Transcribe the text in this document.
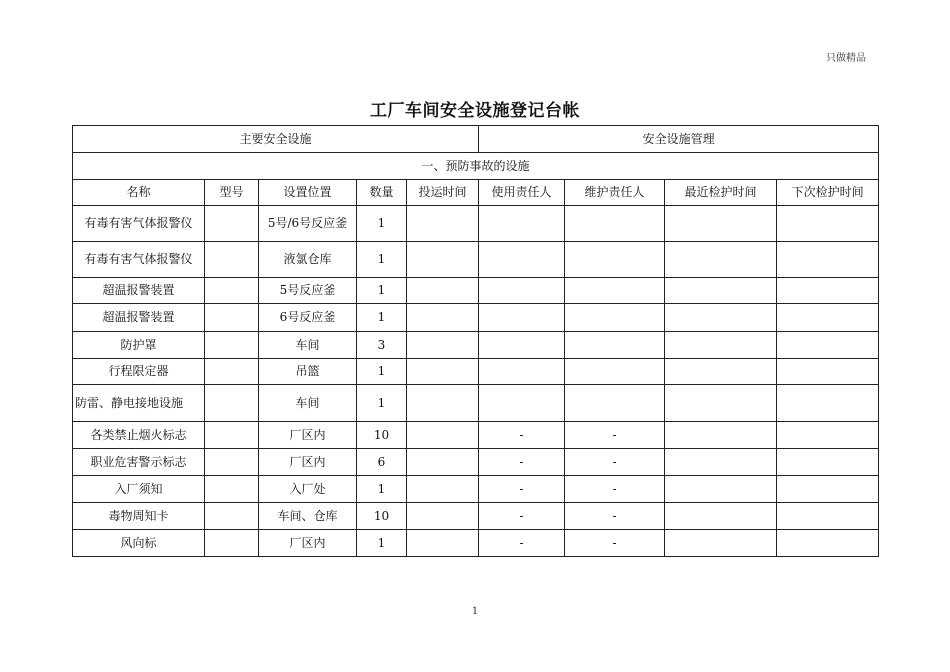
只做精品
工厂车间安全设施登记台帐
主要安全设施					安全设施管理			
一、预防事故的设施								
名称	型号	设置位置	数量	投运时间	使用责任人	维护责任人	最近检护时间	下次检护时间
有毒有害气体报警仪		5号/6号反应釜	1					
有毒有害气体报警仪		液氯仓库	1					
超温报警装置		5号反应釜	1					
超温报警装置		6号反应釜	1					
防护罩		车间	3					
行程限定器		吊篮	1					
防雷、静电接地设施		车间	1					
各类禁止烟火标志		厂区内	10		-	-		
职业危害警示标志		厂区内	6		-	-		
入厂须知		入厂处	1		-	-		
毒物周知卡		车间、仓库	10		-	-		
风向标		厂区内	1		-	-		
1
